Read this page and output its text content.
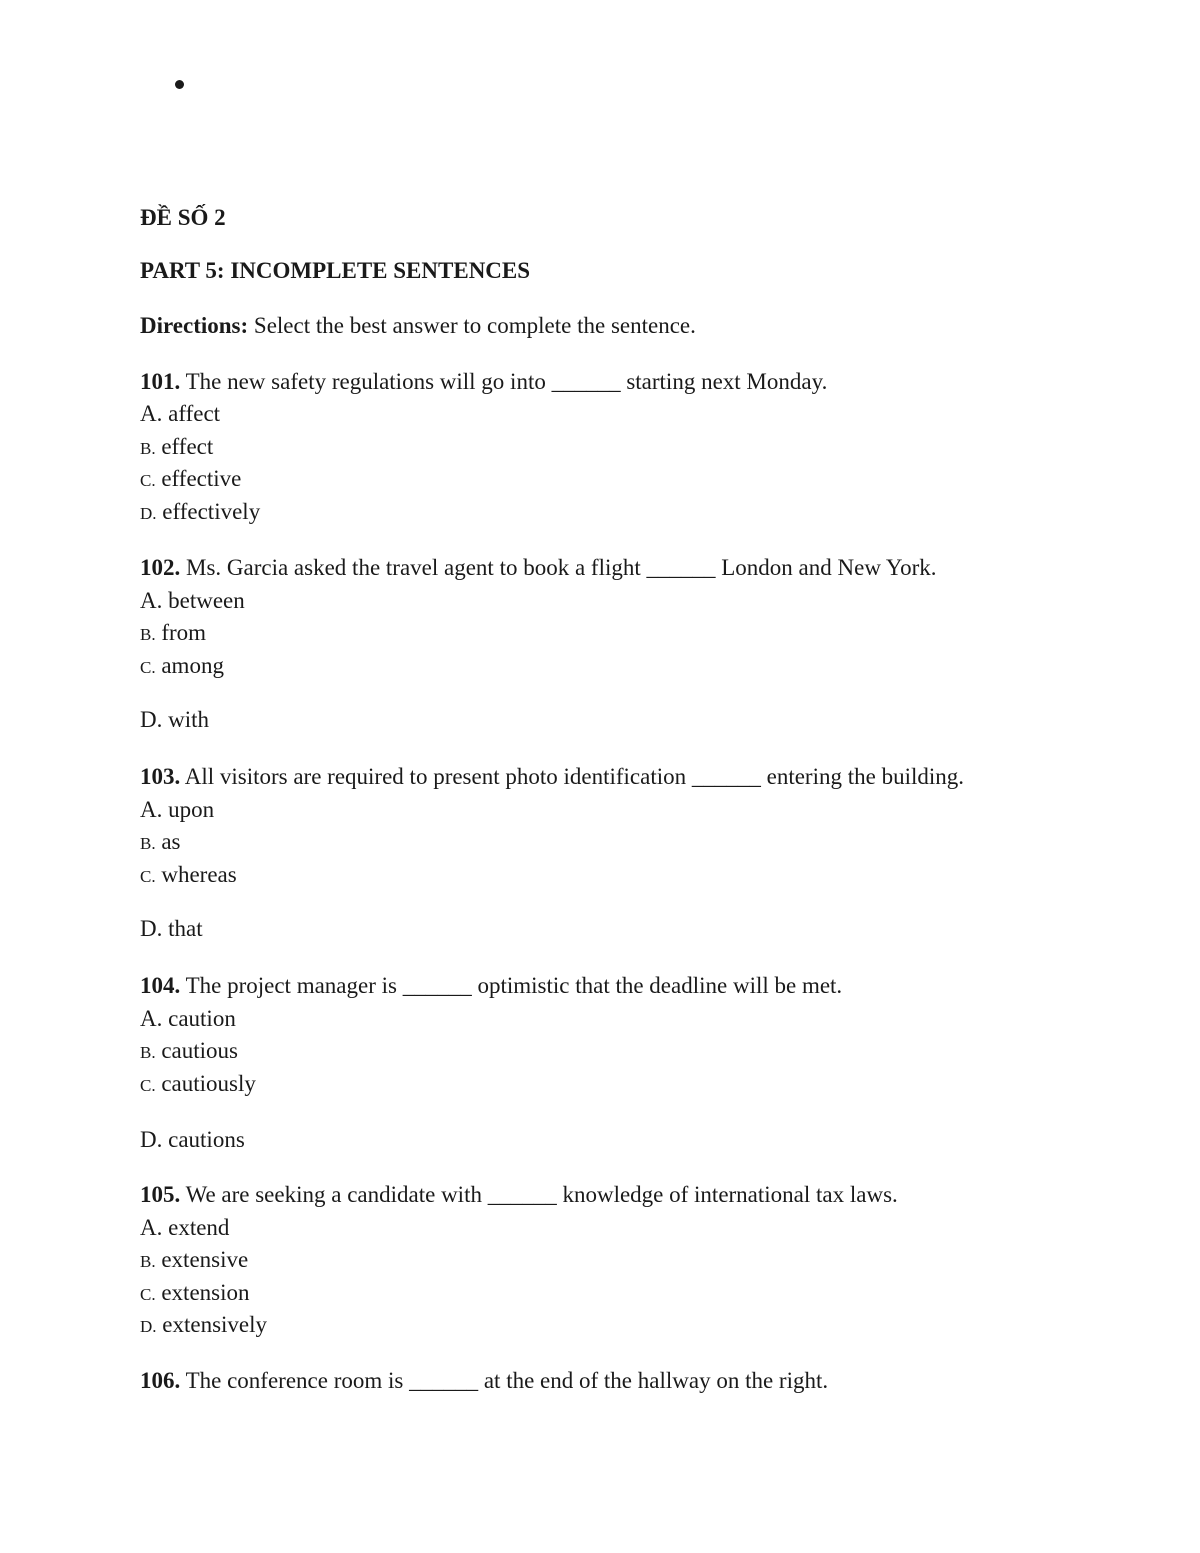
ĐỀ SỐ 2
PART 5: INCOMPLETE SENTENCES
Directions: Select the best answer to complete the sentence.
101. The new safety regulations will go into ______ starting next Monday.
A. affect
B. effect
C. effective
D. effectively
102. Ms. Garcia asked the travel agent to book a flight ______ London and New York.
A. between
B. from
C. among
D. with
103. All visitors are required to present photo identification ______ entering the building.
A. upon
B. as
C. whereas
D. that
104. The project manager is ______ optimistic that the deadline will be met.
A. caution
B. cautious
C. cautiously
D. cautions
105. We are seeking a candidate with ______ knowledge of international tax laws.
A. extend
B. extensive
C. extension
D. extensively
106. The conference room is ______ at the end of the hallway on the right.
